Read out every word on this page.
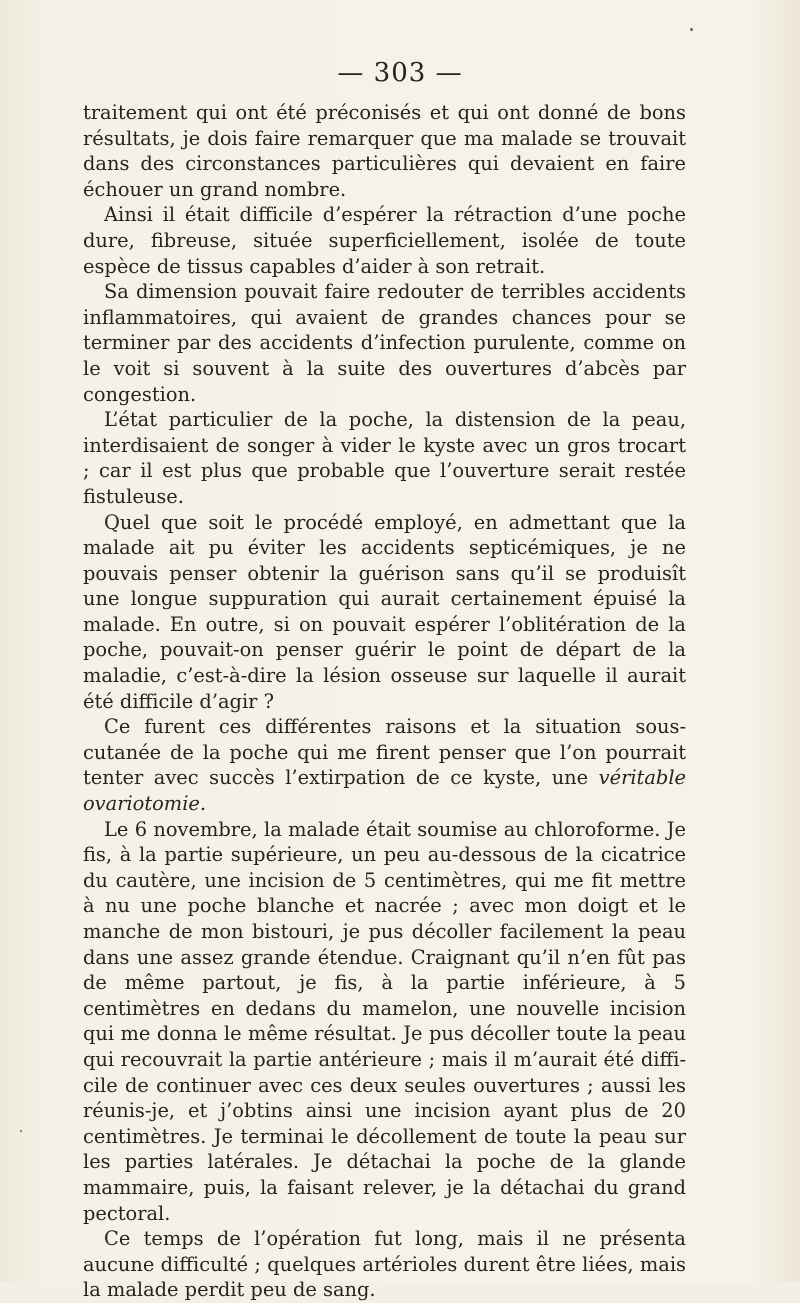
— 303 —

traitement qui ont été préconisés et qui ont donné de bons résultats, je dois faire remarquer que ma malade se trouvait dans des circonstances particulières qui devaient en faire échouer un grand nombre.

Ainsi il était difficile d’espérer la rétraction d’une poche dure, fibreuse, située superficiellement, isolée de toute espèce de tissus capables d’aider à son retrait.

Sa dimension pouvait faire redouter de terribles accidents inflammatoires, qui avaient de grandes chances pour se terminer par des accidents d’infection purulente, comme on le voit si souvent à la suite des ouvertures d’abcès par congestion.

L’état particulier de la poche, la distension de la peau, interdisaient de songer à vider le kyste avec un gros trocart ; car il est plus que probable que l’ouverture serait restée fistuleuse.

Quel que soit le procédé employé, en admettant que la malade ait pu éviter les accidents septicémiques, je ne pouvais penser obtenir la guérison sans qu’il se produisît une longue suppuration qui aurait certainement épuisé la malade. En outre, si on pouvait espérer l’oblitération de la poche, pouvait-on penser guérir le point de départ de la maladie, c’est-à-dire la lésion osseuse sur laquelle il aurait été difficile d’agir ?

Ce furent ces différentes raisons et la situation sous-cutanée de la poche qui me firent penser que l’on pourrait tenter avec succès l’extirpation de ce kyste, une véritable ovariotomie.

Le 6 novembre, la malade était soumise au chloroforme. Je fis, à la partie supérieure, un peu au-dessous de la cicatrice du cautère, une incision de 5 centimètres, qui me fit mettre à nu une poche blanche et nacrée ; avec mon doigt et le manche de mon bistouri, je pus décoller facilement la peau dans une assez grande étendue. Craignant qu’il n’en fût pas de même partout, je fis, à la partie inférieure, à 5 centimètres en dedans du mamelon, une nouvelle incision qui me donna le même résultat. Je pus décoller toute la peau qui recouvrait la partie antérieure ; mais il m’aurait été difficile de continuer avec ces deux seules ouvertures ; aussi les réunis-je, et j’obtins ainsi une incision ayant plus de 20 centimètres. Je terminai le décollement de toute la peau sur les parties latérales. Je détachai la poche de la glande mammaire, puis, la faisant relever, je la détachai du grand pectoral.

Ce temps de l’opération fut long, mais il ne présenta aucune difficulté ; quelques artérioles durent être liées, mais la malade perdit peu de sang.
